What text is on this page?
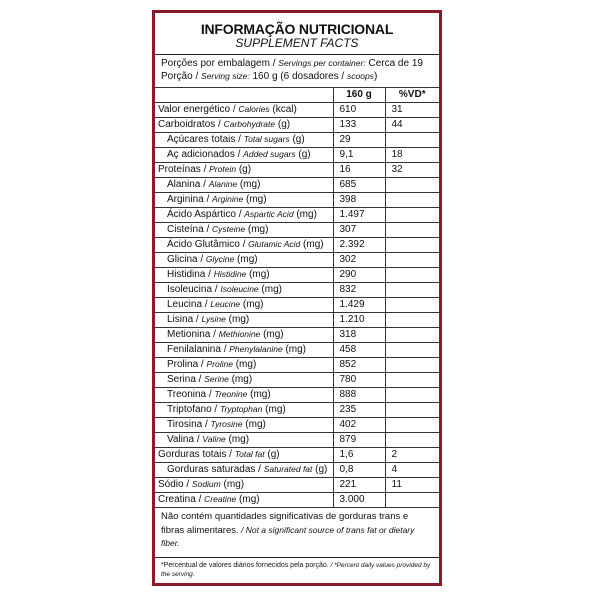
INFORMAÇÃO NUTRICIONAL
SUPPLEMENT FACTS
Porções por embalagem / Servings per container: Cerca de 19
Porção / Serving size: 160 g (6 dosadores / scoops)
	160 g	%VD*
Valor energético / Calories (kcal)	610	31
Carboidratos / Carbohydrate (g)	133	44
Açúcares totais / Total sugars (g)	29	
Aç adicionados / Added sugars (g)	9,1	18
Proteínas / Protein (g)	16	32
Alanina / Alanine (mg)	685	
Arginina / Arginine (mg)	398	
Ácido Aspártico / Aspartic Acid (mg)	1.497	
Cisteína / Cysteine (mg)	307	
Ácido Glutâmico / Glutamic Acid (mg)	2.392	
Glicina / Glycine (mg)	302	
Histidina / Histidine (mg)	290	
Isoleucina / Isoleucine (mg)	832	
Leucina / Leucine (mg)	1.429	
Lisina / Lysine (mg)	1.210	
Metionina / Methionine (mg)	318	
Fenilalanina / Phenylalanine (mg)	458	
Prolina / Proline (mg)	852	
Serina / Serine (mg)	780	
Treonina / Treonine (mg)	888	
Triptofano / Tryptophan (mg)	235	
Tirosina / Tyrosine (mg)	402	
Valina / Valine (mg)	879	
Gorduras totais / Total fat (g)	1,6	2
Gorduras saturadas / Saturated fat (g)	0,8	4
Sódio / Sodium (mg)	221	11
Creatina / Creatine (mg)	3.000	
Não contém quantidades significativas de gorduras trans e fibras alimentares. / Not a significant source of trans fat or dietary fiber.
*Percentual de valores diários fornecidos pela porção. / *Percent daily values provided by the serving.
